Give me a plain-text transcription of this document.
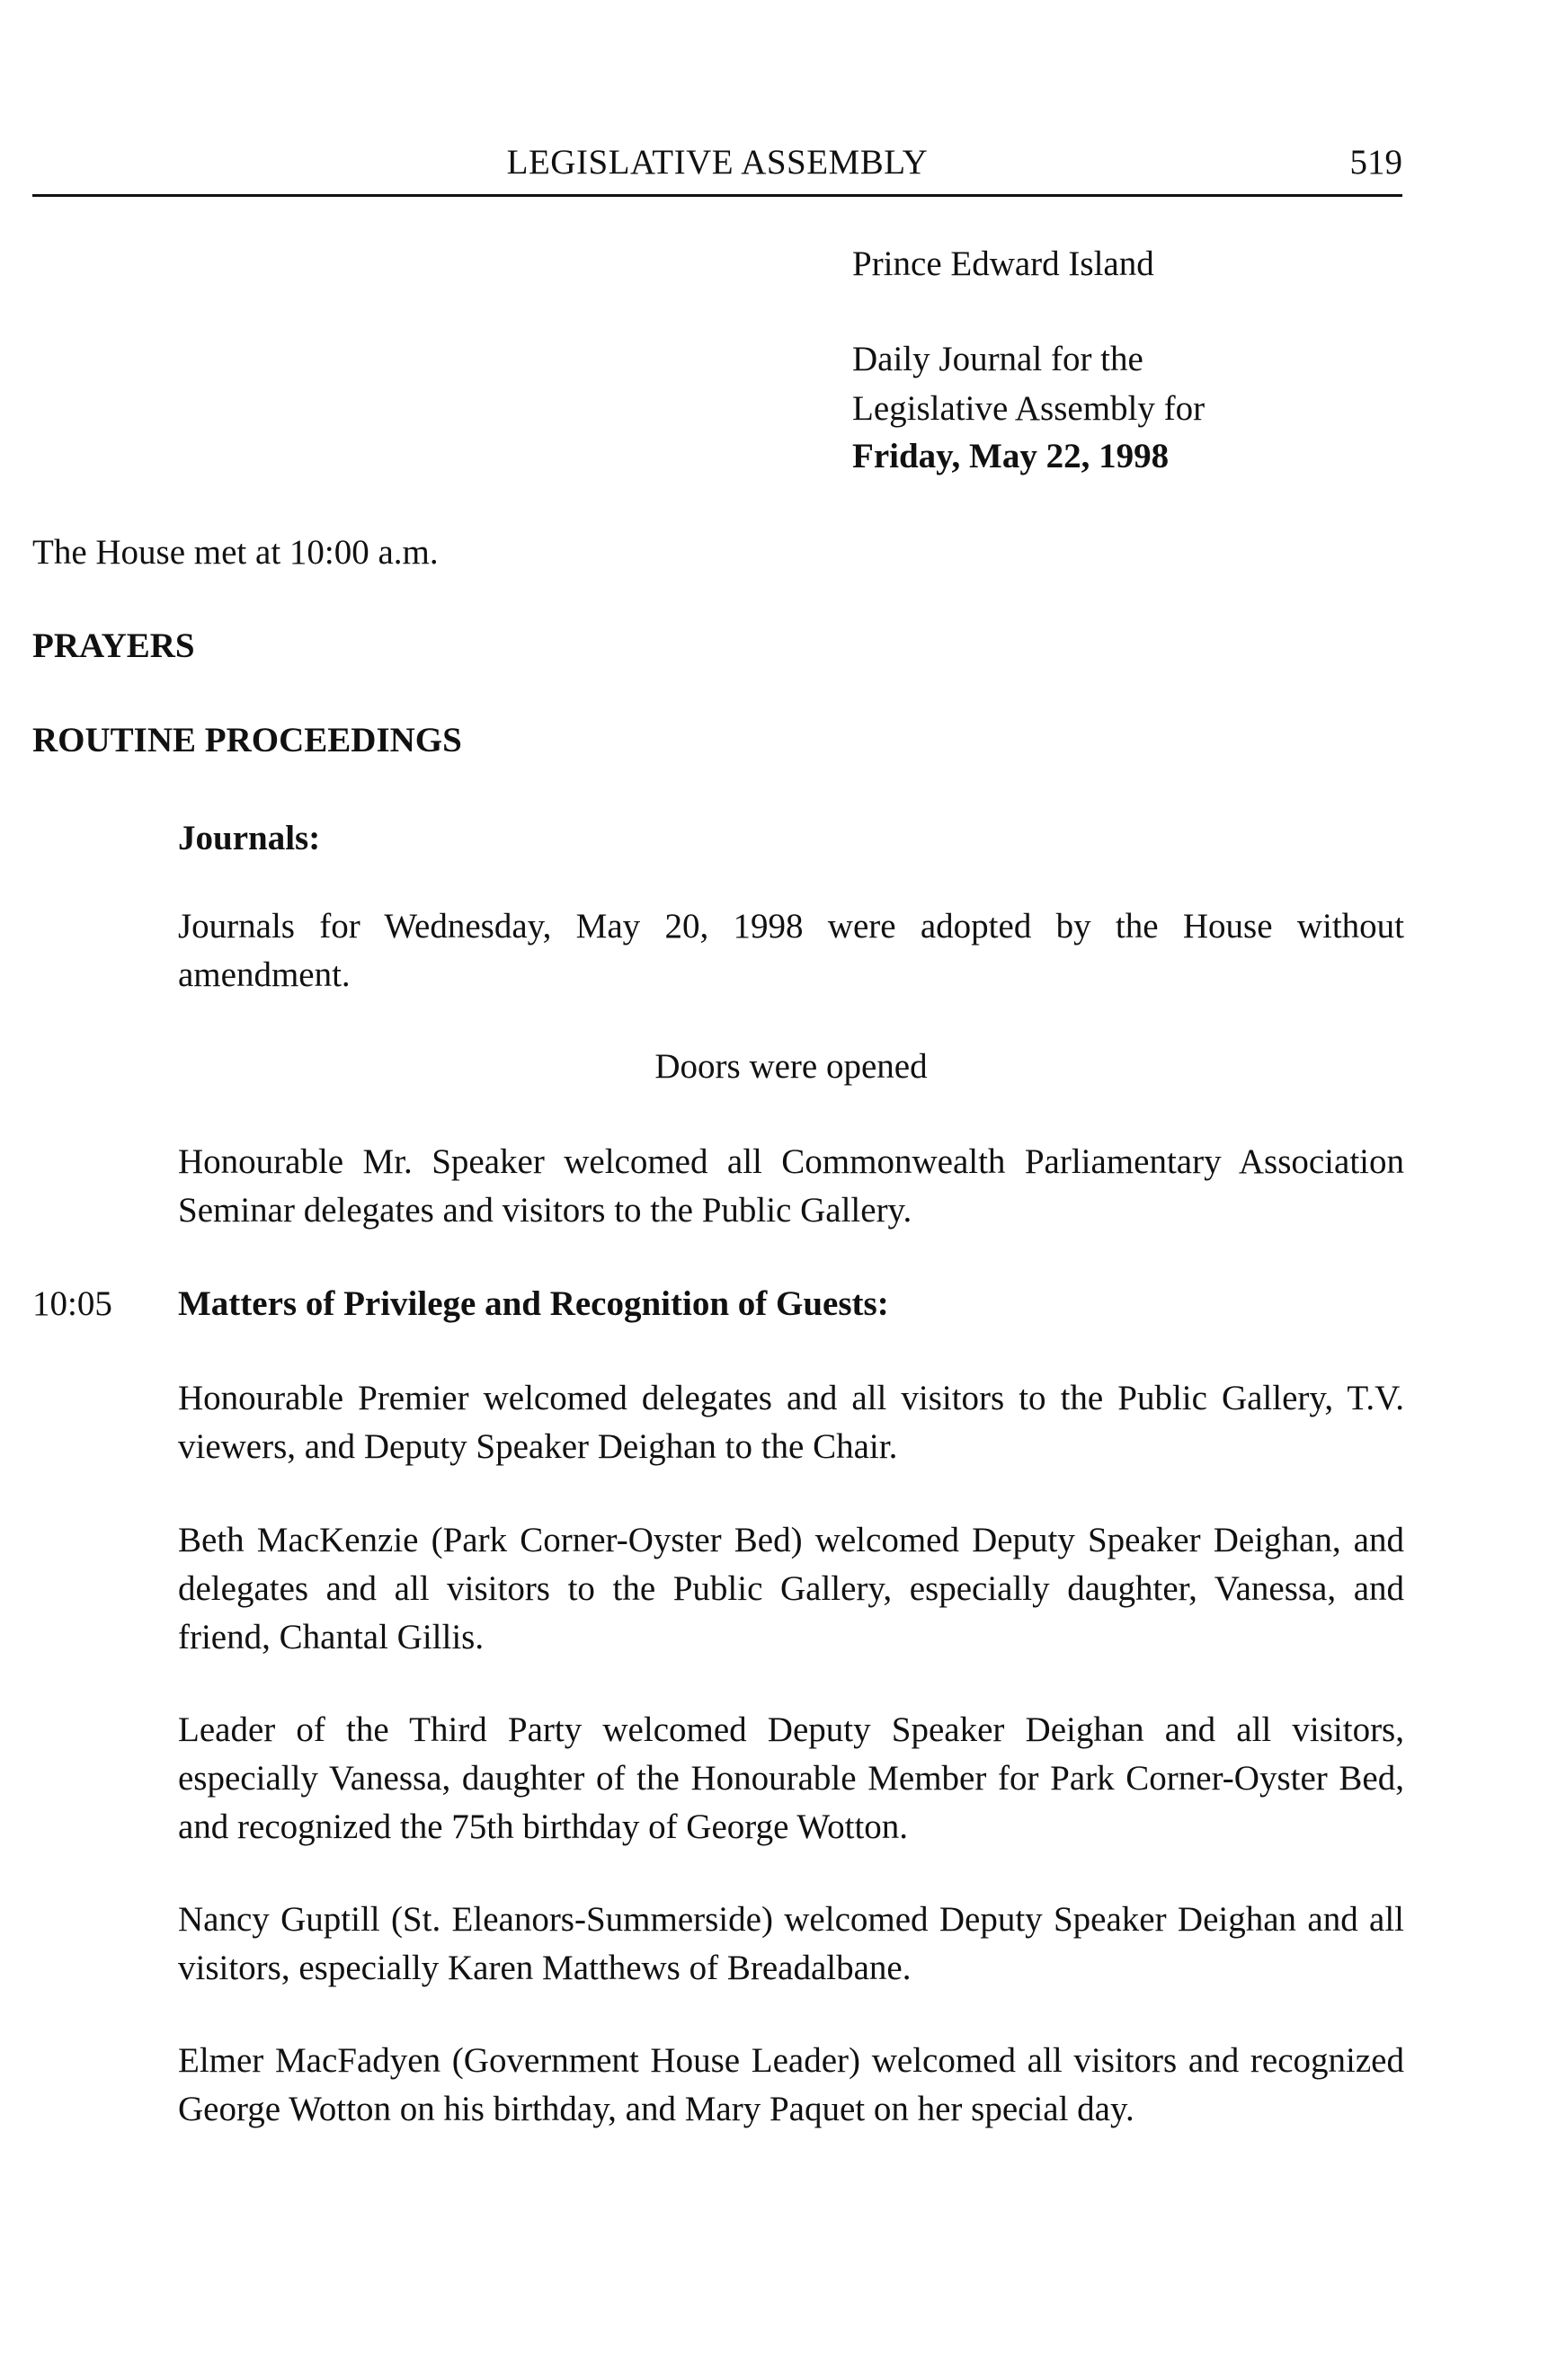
LEGISLATIVE ASSEMBLY	519
Prince Edward Island
Daily Journal for the
Legislative Assembly for
Friday, May 22, 1998
The House met at 10:00 a.m.
PRAYERS
ROUTINE PROCEEDINGS
Journals:
Journals for Wednesday, May 20, 1998 were adopted by the House without amendment.
Doors were opened
Honourable Mr. Speaker welcomed all Commonwealth Parliamentary Association Seminar delegates and visitors to the Public Gallery.
10:05 Matters of Privilege and Recognition of Guests:
Honourable Premier welcomed delegates and all visitors to the Public Gallery, T.V. viewers, and Deputy Speaker Deighan to the Chair.
Beth MacKenzie (Park Corner-Oyster Bed) welcomed Deputy Speaker Deighan, and delegates and all visitors to the Public Gallery, especially daughter, Vanessa, and friend, Chantal Gillis.
Leader of the Third Party welcomed Deputy Speaker Deighan and all visitors, especially Vanessa, daughter of the Honourable Member for Park Corner-Oyster Bed, and recognized the 75th birthday of George Wotton.
Nancy Guptill (St. Eleanors-Summerside) welcomed Deputy Speaker Deighan and all visitors, especially Karen Matthews of Breadalbane.
Elmer MacFadyen (Government House Leader) welcomed all visitors and recognized George Wotton on his birthday, and Mary Paquet on her special day.
